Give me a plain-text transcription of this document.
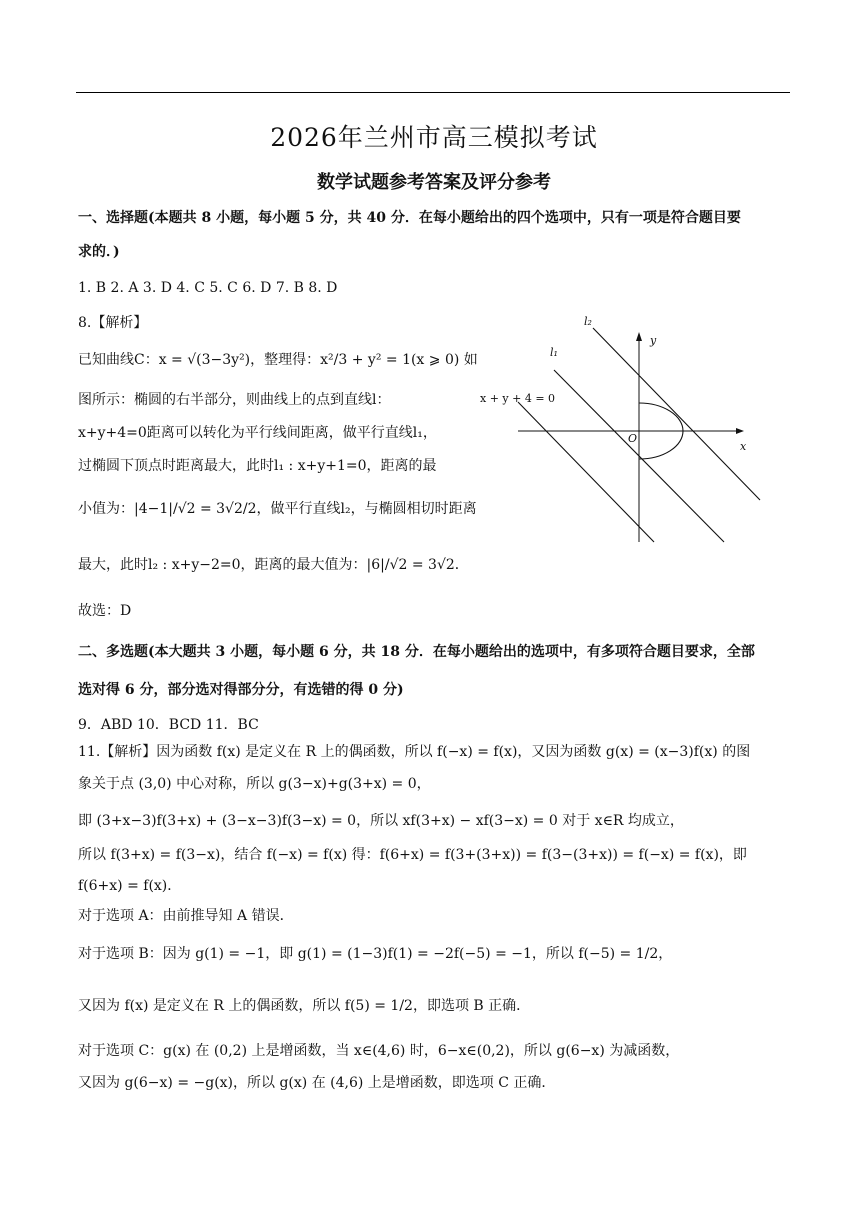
2026年兰州市高三模拟考试
数学试题参考答案及评分参考
一、选择题(本题共 8 小题，每小题 5 分，共 40 分．在每小题给出的四个选项中，只有一项是符合题目要
求的．)
1. B 2. A 3. D 4. C 5. C 6. D 7. B 8. D
8.【解析】
已知曲线C：x = √(3−3y²)，整理得：x²/3 + y² = 1(x ⩾ 0) 如
图所示：椭圆的右半部分，则曲线上的点到直线l：
x+y+4=0距离可以转化为平行线间距离，做平行直线l₁，
过椭圆下顶点时距离最大，此时l₁ : x+y+1=0，距离的最
小值为：|4−1|/√2 = 3√2/2，做平行直线l₂，与椭圆相切时距离
最大，此时l₂ : x+y−2=0，距离的最大值为：|6|/√2 = 3√2．
故选：D
l₂
l₁
y
x
O
x + y + 4 = 0
二、多选题(本大题共 3 小题，每小题 6 分，共 18 分．在每小题给出的选项中，有多项符合题目要求，全部
选对得 6 分，部分选对得部分分，有选错的得 0 分)
9．ABD 10．BCD 11．BC
11.【解析】因为函数 f(x) 是定义在 R 上的偶函数，所以 f(−x) = f(x)，又因为函数 g(x) = (x−3)f(x) 的图
象关于点 (3,0) 中心对称，所以 g(3−x)+g(3+x) = 0，
即 (3+x−3)f(3+x) + (3−x−3)f(3−x) = 0，所以 xf(3+x) − xf(3−x) = 0 对于 x∈R 均成立，
所以 f(3+x) = f(3−x)，结合 f(−x) = f(x) 得：f(6+x) = f(3+(3+x)) = f(3−(3+x)) = f(−x) = f(x)，即
f(6+x) = f(x)．
对于选项 A：由前推导知 A 错误．
对于选项 B：因为 g(1) = −1，即 g(1) = (1−3)f(1) = −2f(−5) = −1，所以 f(−5) = 1/2，
又因为 f(x) 是定义在 R 上的偶函数，所以 f(5) = 1/2，即选项 B 正确．
对于选项 C：g(x) 在 (0,2) 上是增函数，当 x∈(4,6) 时，6−x∈(0,2)，所以 g(6−x) 为减函数，
又因为 g(6−x) = −g(x)，所以 g(x) 在 (4,6) 上是增函数，即选项 C 正确．
